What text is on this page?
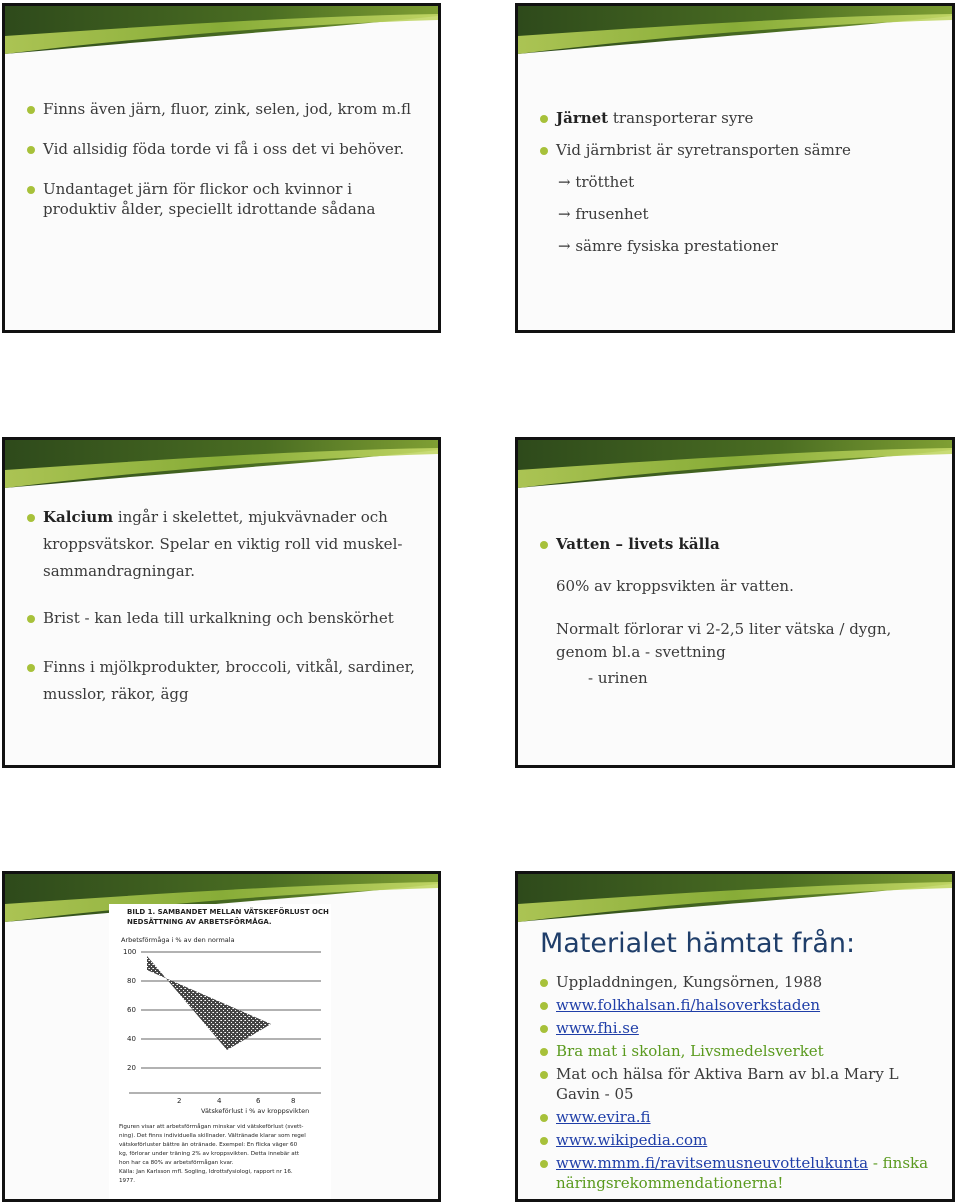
Finns även järn, fluor, zink, selen, jod, krom m.fl
Vid allsidig föda torde vi få i oss det vi behöver.
Undantaget järn för flickor och kvinnor i produktiv ålder, speciellt idrottande sådana
Järnet transporterar syre
Vid järnbrist är syretransporten sämre
→ trötthet
→ frusenhet
→ sämre fysiska prestationer
Kalcium ingår i skelettet, mjukvävnader och kroppsvätskor. Spelar en viktig roll vid muskel-sammandragningar.
Brist - kan leda till urkalkning och benskörhet
Finns i mjölkprodukter, broccoli, vitkål, sardiner, musslor, räkor, ägg
Vatten – livets källa
60% av kroppsvikten är vatten.
Normalt förlorar vi 2-2,5 liter vätska / dygn, genom bl.a - svettning
- urinen
BILD 1. SAMBANDET MELLAN VÄTSKEFÖRLUST OCH
NEDSÄTTNING AV ARBETSFÖRMÅGA.
Arbetsförmåga i % av den normala
100
80
60
40
20
2	4	6	8
Vätskeförlust i % av kroppsvikten
Figuren visar att arbetsförmågan minskar vid vätskeförlust (svett-
ning). Det finns individuella skillnader. Vältränade klarar som regel
vätskeförluster bättre än otränade. Exempel: En flicka väger 60
kg, förlorar under träning 2% av kroppsvikten. Detta innebär att
hon har ca 80% av arbetsförmågan kvar.
Källa: Jan Karlsson mfl. Sogling, Idrottsfysiologi, rapport nr 16.
1977.
Materialet hämtat från:
Uppladdningen, Kungsörnen, 1988
www.folkhalsan.fi/halsoverkstaden
www.fhi.se
Bra mat i skolan, Livsmedelsverket
Mat och hälsa för Aktiva Barn av bl.a Mary L Gavin - 05
www.evira.fi
www.wikipedia.com
www.mmm.fi/ravitsemusneuvottelukunta - finska näringsrekommendationerna!
